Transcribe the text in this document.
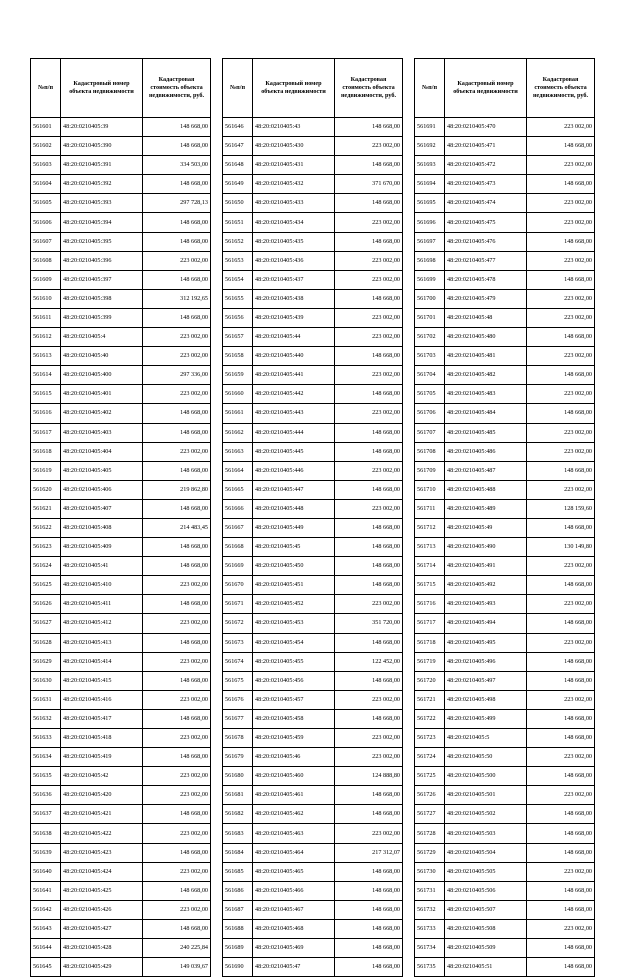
№п/п	Кадастровый номер объекта недвижимости	Кадастровая стоимость объекта недвижимости, руб.
561601	48:20:0210405:39	148 668,00
561602	48:20:0210405:390	148 668,00
561603	48:20:0210405:391	334 503,00
561604	48:20:0210405:392	148 668,00
561605	48:20:0210405:393	297 728,13
561606	48:20:0210405:394	148 668,00
561607	48:20:0210405:395	148 668,00
561608	48:20:0210405:396	223 002,00
561609	48:20:0210405:397	148 668,00
561610	48:20:0210405:398	312 192,65
561611	48:20:0210405:399	148 668,00
561612	48:20:0210405:4	223 002,00
561613	48:20:0210405:40	223 002,00
561614	48:20:0210405:400	297 336,00
561615	48:20:0210405:401	223 002,00
561616	48:20:0210405:402	148 668,00
561617	48:20:0210405:403	148 668,00
561618	48:20:0210405:404	223 002,00
561619	48:20:0210405:405	148 668,00
561620	48:20:0210405:406	219 862,80
561621	48:20:0210405:407	148 668,00
561622	48:20:0210405:408	214 483,45
561623	48:20:0210405:409	148 668,00
561624	48:20:0210405:41	148 668,00
561625	48:20:0210405:410	223 002,00
561626	48:20:0210405:411	148 668,00
561627	48:20:0210405:412	223 002,00
561628	48:20:0210405:413	148 668,00
561629	48:20:0210405:414	223 002,00
561630	48:20:0210405:415	148 668,00
561631	48:20:0210405:416	223 002,00
561632	48:20:0210405:417	148 668,00
561633	48:20:0210405:418	223 002,00
561634	48:20:0210405:419	148 668,00
561635	48:20:0210405:42	223 002,00
561636	48:20:0210405:420	223 002,00
561637	48:20:0210405:421	148 668,00
561638	48:20:0210405:422	223 002,00
561639	48:20:0210405:423	148 668,00
561640	48:20:0210405:424	223 002,00
561641	48:20:0210405:425	148 668,00
561642	48:20:0210405:426	223 002,00
561643	48:20:0210405:427	148 668,00
561644	48:20:0210405:428	240 225,84
561645	48:20:0210405:429	149 039,67
№п/п	Кадастровый номер объекта недвижимости	Кадастровая стоимость объекта недвижимости, руб.
561646	48:20:0210405:43	148 668,00
561647	48:20:0210405:430	223 002,00
561648	48:20:0210405:431	148 668,00
561649	48:20:0210405:432	371 670,00
561650	48:20:0210405:433	148 668,00
561651	48:20:0210405:434	223 002,00
561652	48:20:0210405:435	148 668,00
561653	48:20:0210405:436	223 002,00
561654	48:20:0210405:437	223 002,00
561655	48:20:0210405:438	148 668,00
561656	48:20:0210405:439	223 002,00
561657	48:20:0210405:44	223 002,00
561658	48:20:0210405:440	148 668,00
561659	48:20:0210405:441	223 002,00
561660	48:20:0210405:442	148 668,00
561661	48:20:0210405:443	223 002,00
561662	48:20:0210405:444	148 668,00
561663	48:20:0210405:445	148 668,00
561664	48:20:0210405:446	223 002,00
561665	48:20:0210405:447	148 668,00
561666	48:20:0210405:448	223 002,00
561667	48:20:0210405:449	148 668,00
561668	48:20:0210405:45	148 668,00
561669	48:20:0210405:450	148 668,00
561670	48:20:0210405:451	148 668,00
561671	48:20:0210405:452	223 002,00
561672	48:20:0210405:453	351 720,00
561673	48:20:0210405:454	148 668,00
561674	48:20:0210405:455	122 452,00
561675	48:20:0210405:456	148 668,00
561676	48:20:0210405:457	223 002,00
561677	48:20:0210405:458	148 668,00
561678	48:20:0210405:459	223 002,00
561679	48:20:0210405:46	223 002,00
561680	48:20:0210405:460	124 888,80
561681	48:20:0210405:461	148 668,00
561682	48:20:0210405:462	148 668,00
561683	48:20:0210405:463	223 002,00
561684	48:20:0210405:464	217 312,07
561685	48:20:0210405:465	148 668,00
561686	48:20:0210405:466	148 668,00
561687	48:20:0210405:467	148 668,00
561688	48:20:0210405:468	148 668,00
561689	48:20:0210405:469	148 668,00
561690	48:20:0210405:47	148 668,00
№п/п	Кадастровый номер объекта недвижимости	Кадастровая стоимость объекта недвижимости, руб.
561691	48:20:0210405:470	223 002,00
561692	48:20:0210405:471	148 668,00
561693	48:20:0210405:472	223 002,00
561694	48:20:0210405:473	148 668,00
561695	48:20:0210405:474	223 002,00
561696	48:20:0210405:475	223 002,00
561697	48:20:0210405:476	148 668,00
561698	48:20:0210405:477	223 002,00
561699	48:20:0210405:478	148 668,00
561700	48:20:0210405:479	223 002,00
561701	48:20:0210405:48	223 002,00
561702	48:20:0210405:480	148 668,00
561703	48:20:0210405:481	223 002,00
561704	48:20:0210405:482	148 668,00
561705	48:20:0210405:483	223 002,00
561706	48:20:0210405:484	148 668,00
561707	48:20:0210405:485	223 002,00
561708	48:20:0210405:486	223 002,00
561709	48:20:0210405:487	148 668,00
561710	48:20:0210405:488	223 002,00
561711	48:20:0210405:489	128 159,60
561712	48:20:0210405:49	148 668,00
561713	48:20:0210405:490	130 149,80
561714	48:20:0210405:491	223 002,00
561715	48:20:0210405:492	148 668,00
561716	48:20:0210405:493	223 002,00
561717	48:20:0210405:494	148 668,00
561718	48:20:0210405:495	223 002,00
561719	48:20:0210405:496	148 668,00
561720	48:20:0210405:497	148 668,00
561721	48:20:0210405:498	223 002,00
561722	48:20:0210405:499	148 668,00
561723	48:20:0210405:5	148 668,00
561724	48:20:0210405:50	223 002,00
561725	48:20:0210405:500	148 668,00
561726	48:20:0210405:501	223 002,00
561727	48:20:0210405:502	148 668,00
561728	48:20:0210405:503	148 668,00
561729	48:20:0210405:504	148 668,00
561730	48:20:0210405:505	223 002,00
561731	48:20:0210405:506	148 668,00
561732	48:20:0210405:507	148 668,00
561733	48:20:0210405:508	223 002,00
561734	48:20:0210405:509	148 668,00
561735	48:20:0210405:51	148 668,00
